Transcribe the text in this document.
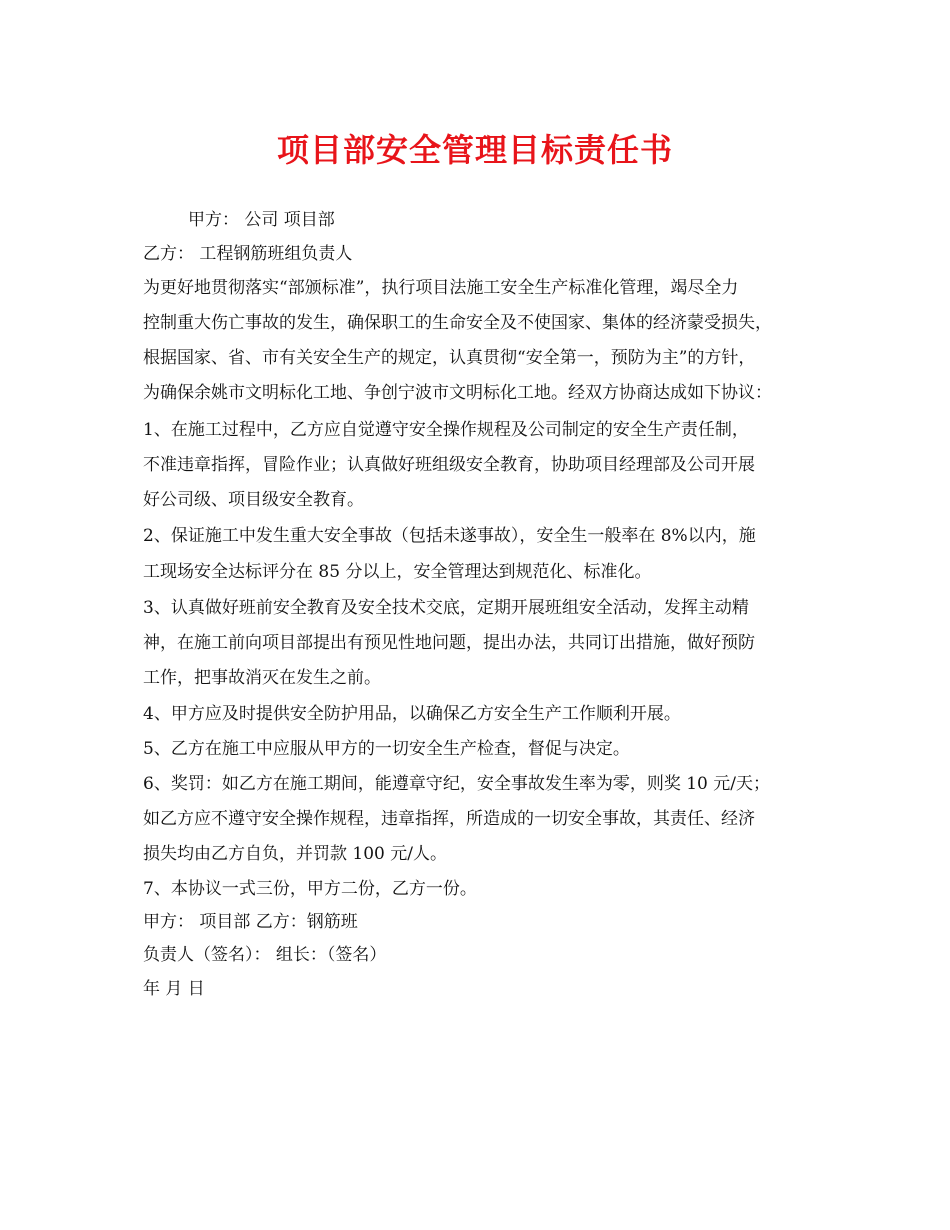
项目部安全管理目标责任书
甲方： 公司 项目部
乙方： 工程钢筋班组负责人
为更好地贯彻落实“部颁标准”，执行项目法施工安全生产标准化管理，竭尽全力
控制重大伤亡事故的发生，确保职工的生命安全及不使国家、集体的经济蒙受损失，
根据国家、省、市有关安全生产的规定，认真贯彻“安全第一，预防为主”的方针，
为确保余姚市文明标化工地、争创宁波市文明标化工地。经双方协商达成如下协议：
1、在施工过程中，乙方应自觉遵守安全操作规程及公司制定的安全生产责任制，
不准违章指挥，冒险作业；认真做好班组级安全教育，协助项目经理部及公司开展
好公司级、项目级安全教育。
2、保证施工中发生重大安全事故（包括未遂事故），安全生一般率在 8%以内，施
工现场安全达标评分在 85 分以上，安全管理达到规范化、标准化。
3、认真做好班前安全教育及安全技术交底，定期开展班组安全活动，发挥主动精
神，在施工前向项目部提出有预见性地问题，提出办法，共同订出措施，做好预防
工作，把事故消灭在发生之前。
4、甲方应及时提供安全防护用品，以确保乙方安全生产工作顺利开展。
5、乙方在施工中应服从甲方的一切安全生产检查，督促与决定。
6、奖罚：如乙方在施工期间，能遵章守纪，安全事故发生率为零，则奖 10 元/天；
如乙方应不遵守安全操作规程，违章指挥，所造成的一切安全事故，其责任、经济
损失均由乙方自负，并罚款 100 元/人。
7、本协议一式三份，甲方二份，乙方一份。
甲方： 项目部 乙方：钢筋班
负责人（签名）： 组长：（签名）
年 月 日
